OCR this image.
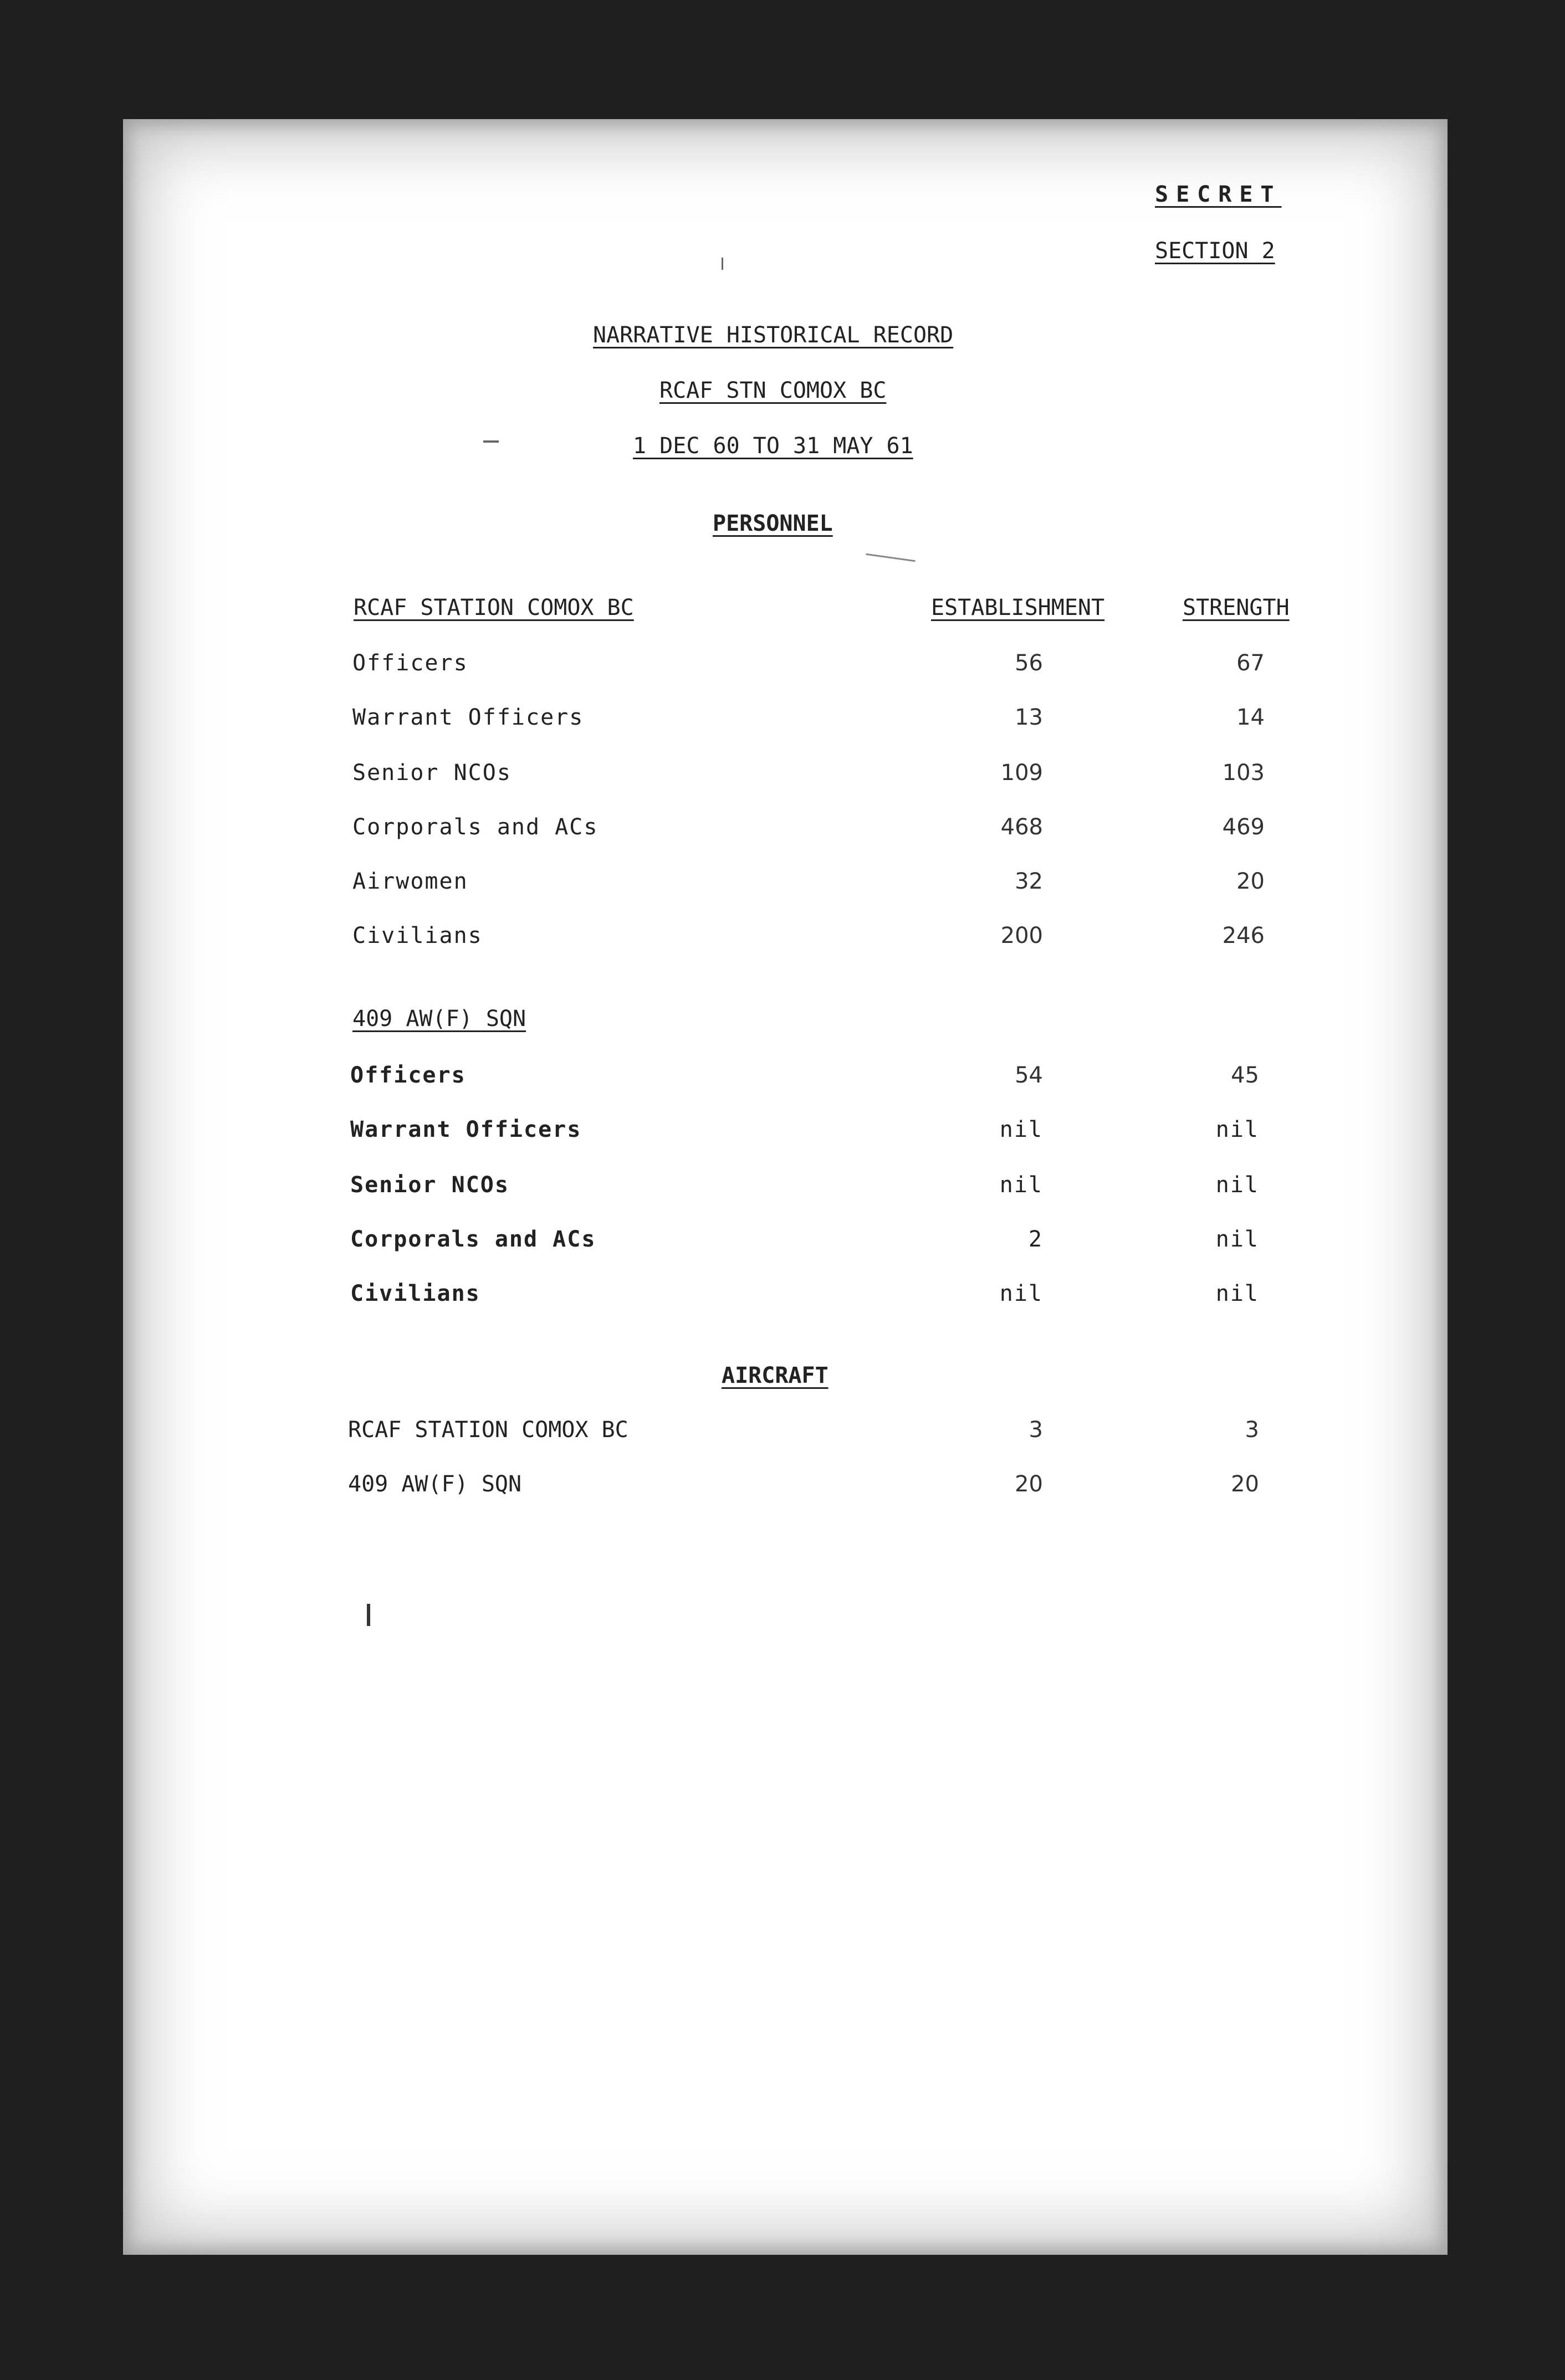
SECRET
SECTION 2
NARRATIVE HISTORICAL RECORD
RCAF STN COMOX BC
1 DEC 60 TO 31 MAY 61
PERSONNEL
RCAF STATION COMOX BC	ESTABLISHMENT	STRENGTH
Officers	56	67
Warrant Officers	13	14
Senior NCOs	109	103
Corporals and ACs	468	469
Airwomen	32	20
Civilians	200	246
409 AW(F) SQN
Officers	54	45
Warrant Officers	nil	nil
Senior NCOs	nil	nil
Corporals and ACs	2	nil
Civilians	nil	nil
AIRCRAFT
RCAF STATION COMOX BC	3	3
409 AW(F) SQN	20	20
